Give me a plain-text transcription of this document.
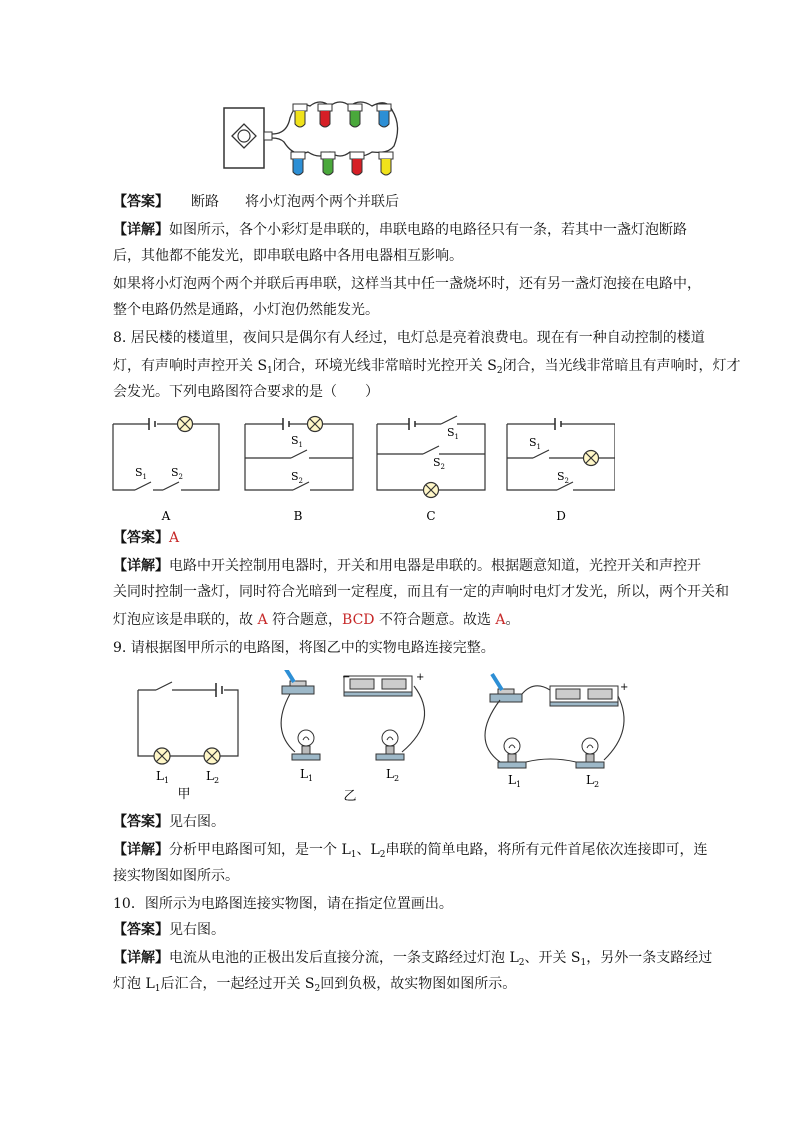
【答案】 断路 将小灯泡两个两个并联后
【详解】如图所示，各个小彩灯是串联的，串联电路的电路径只有一条，若其中一盏灯泡断路
后，其他都不能发光，即串联电路中各用电器相互影响。
如果将小灯泡两个两个并联后再串联，这样当其中任一盏烧坏时，还有另一盏灯泡接在电路中，
整个电路仍然是通路，小灯泡仍然能发光。
8. 居民楼的楼道里，夜间只是偶尔有人经过，电灯总是亮着浪费电。现在有一种自动控制的楼道
灯，有声响时声控开关 $S_1$闭合，环境光线非常暗时光控开关 $S_2$闭合，当光线非常暗且有声响时，灯才
会发光。下列电路图符合要求的是（　　）
$S_1$ $S_2$
$S_1$
$S_2$
$S_1$
$S_2$
$S_1$
$S_2$
A	B	C	D
【答案】A
【详解】电路中开关控制用电器时，开关和用电器是串联的。根据题意知道，光控开关和声控开
关同时控制一盏灯，同时符合光暗到一定程度，而且有一定的声响时电灯才发光，所以，两个开关和
灯泡应该是串联的，故 A 符合题意，BCD 不符合题意。故选 A。
9. 请根据图甲所示的电路图，将图乙中的实物电路连接完整。
$L_1$	$L_2$
甲
−	+
$L_1$	$L_2$
乙
+
$L_1$	$L_2$
【答案】见右图。
【详解】分析甲电路图可知，是一个 $L_1$、$L_2$串联的简单电路，将所有元件首尾依次连接即可，连
接实物图如图所示。
10．图所示为电路图连接实物图，请在指定位置画出。
【答案】见右图。
【详解】电流从电池的正极出发后直接分流，一条支路经过灯泡 $L_2$、开关 $S_1$，另外一条支路经过
灯泡 $L_1$后汇合，一起经过开关 $S_2$回到负极，故实物图如图所示。
